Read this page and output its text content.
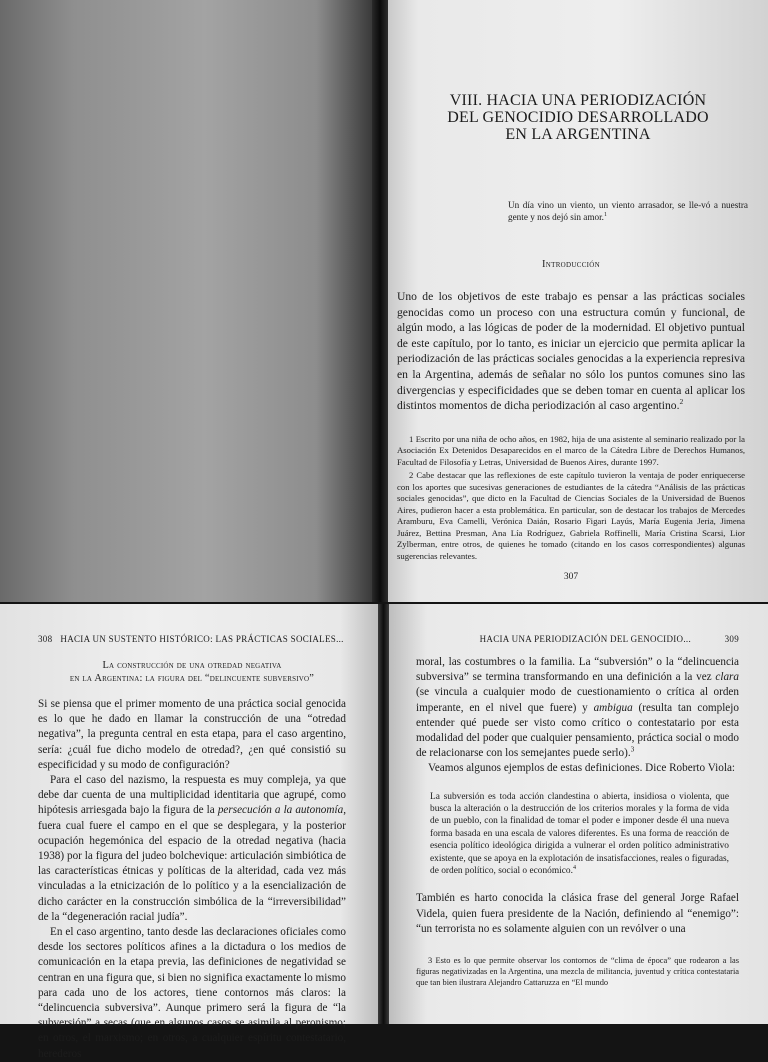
VIII. HACIA UNA PERIODIZACIÓN
DEL GENOCIDIO DESARROLLADO
EN LA ARGENTINA
Un día vino un viento, un viento arrasador, se lle-vó a nuestra gente y nos dejó sin amor.$^1$
Introducción
Uno de los objetivos de este trabajo es pensar a las prácticas sociales genocidas como un proceso con una estructura común y funcional, de algún modo, a las lógicas de poder de la modernidad. El objetivo puntual de este capítulo, por lo tanto, es iniciar un ejercicio que permita aplicar la periodización de las prácticas sociales genocidas a la experiencia represiva en la Argentina, además de señalar no sólo los puntos comunes sino las divergencias y especificidades que se deben tomar en cuenta al aplicar los distintos momentos de dicha periodización al caso argentino.$^2$
1 Escrito por una niña de ocho años, en 1982, hija de una asistente al seminario realizado por la Asociación Ex Detenidos Desaparecidos en el marco de la Cátedra Libre de Derechos Humanos, Facultad de Filosofía y Letras, Universidad de Buenos Aires, durante 1997.
2 Cabe destacar que las reflexiones de este capítulo tuvieron la ventaja de poder enriquecerse con los aportes que sucesivas generaciones de estudiantes de la cátedra “Análisis de las prácticas sociales genocidas”, que dicto en la Facultad de Ciencias Sociales de la Universidad de Buenos Aires, pudieron hacer a esta problemática. En particular, son de destacar los trabajos de Mercedes Aramburu, Eva Camelli, Verónica Daián, Rosario Figari Layús, María Eugenia Jeria, Jimena Juárez, Bettina Presman, Ana Lía Rodríguez, Gabriela Roffinelli, María Cristina Scarsi, Lior Zylberman, entre otros, de quienes he tomado (citando en los casos correspondientes) algunas sugerencias relevantes.
307
308 HACIA UN SUSTENTO HISTÓRICO: LAS PRÁCTICAS SOCIALES...
La construcción de una otredad negativa
en la Argentina: la figura del “delincuente subversivo”

Si se piensa que el primer momento de una práctica social genocida es lo que he dado en llamar la construcción de una “otredad negativa”, la pregunta central en esta etapa, para el caso argentino, sería: ¿cuál fue dicho modelo de otredad?, ¿en qué consistió su especificidad y su modo de configuración?

Para el caso del nazismo, la respuesta es muy compleja, ya que debe dar cuenta de una multiplicidad identitaria que agrupé, como hipótesis arriesgada bajo la figura de la persecución a la autonomía, fuera cual fuere el campo en el que se desplegara, y la posterior ocupación hegemónica del espacio de la otredad negativa (hacia 1938) por la figura del judeo bolchevique: articulación simbiótica de las características étnicas y políticas de la alteridad, cada vez más vinculadas a la etnicización de lo político y a la esencialización de dicho carácter en la construcción simbólica de la “irreversibilidad” de la “degeneración racial judía”.

En el caso argentino, tanto desde las declaraciones oficiales como desde los sectores políticos afines a la dictadura o los medios de comunicación en la etapa previa, las definiciones de negatividad se centran en una figura que, si bien no significa exactamente lo mismo para cada uno de los actores, tiene contornos más claros: la “delincuencia subversiva”. Aunque primero será la figura de “la subversión” a secas (que en algunos casos se asimila al peronismo; en otros, el marxismo; en otros, a cualquier espíritu contestatario, herederos

HACIA UNA PERIODIZACIÓN DEL GENOCIDIO...	309

moral, las costumbres o la familia. La “subversión” o la “delincuencia subversiva” se termina transformando en una definición a la vez clara (se vincula a cualquier modo de cuestionamiento o crítica al orden imperante, en el nivel que fuere) y ambigua (resulta tan complejo entender qué puede ser visto como crítico o contestatario por esta modalidad del poder que cualquier pensamiento, práctica social o modo de relacionarse con los semejantes puede serlo).$^3$

Veamos algunos ejemplos de estas definiciones. Dice Roberto Viola:

La subversión es toda acción clandestina o abierta, insidiosa o violenta, que busca la alteración o la destrucción de los criterios morales y la forma de vida de un pueblo, con la finalidad de tomar el poder e imponer desde él una nueva forma basada en una escala de valores diferentes. Es una forma de reacción de esencia político ideológica dirigida a vulnerar el orden político administrativo existente, que se apoya en la explotación de insatisfacciones, reales o figuradas, de orden político, social o económico.$^4$

También es harto conocida la clásica frase del general Jorge Rafael Videla, quien fuera presidente de la Nación, definiendo al “enemigo”: “un terrorista no es solamente alguien con un revólver o una

3 Esto es lo que permite observar los contornos de “clima de época” que rodearon a las figuras negativizadas en la Argentina, una mezcla de militancia, juventud y crítica contestataria que tan bien ilustrara Alejandro Cattaruzza en “El mundo
